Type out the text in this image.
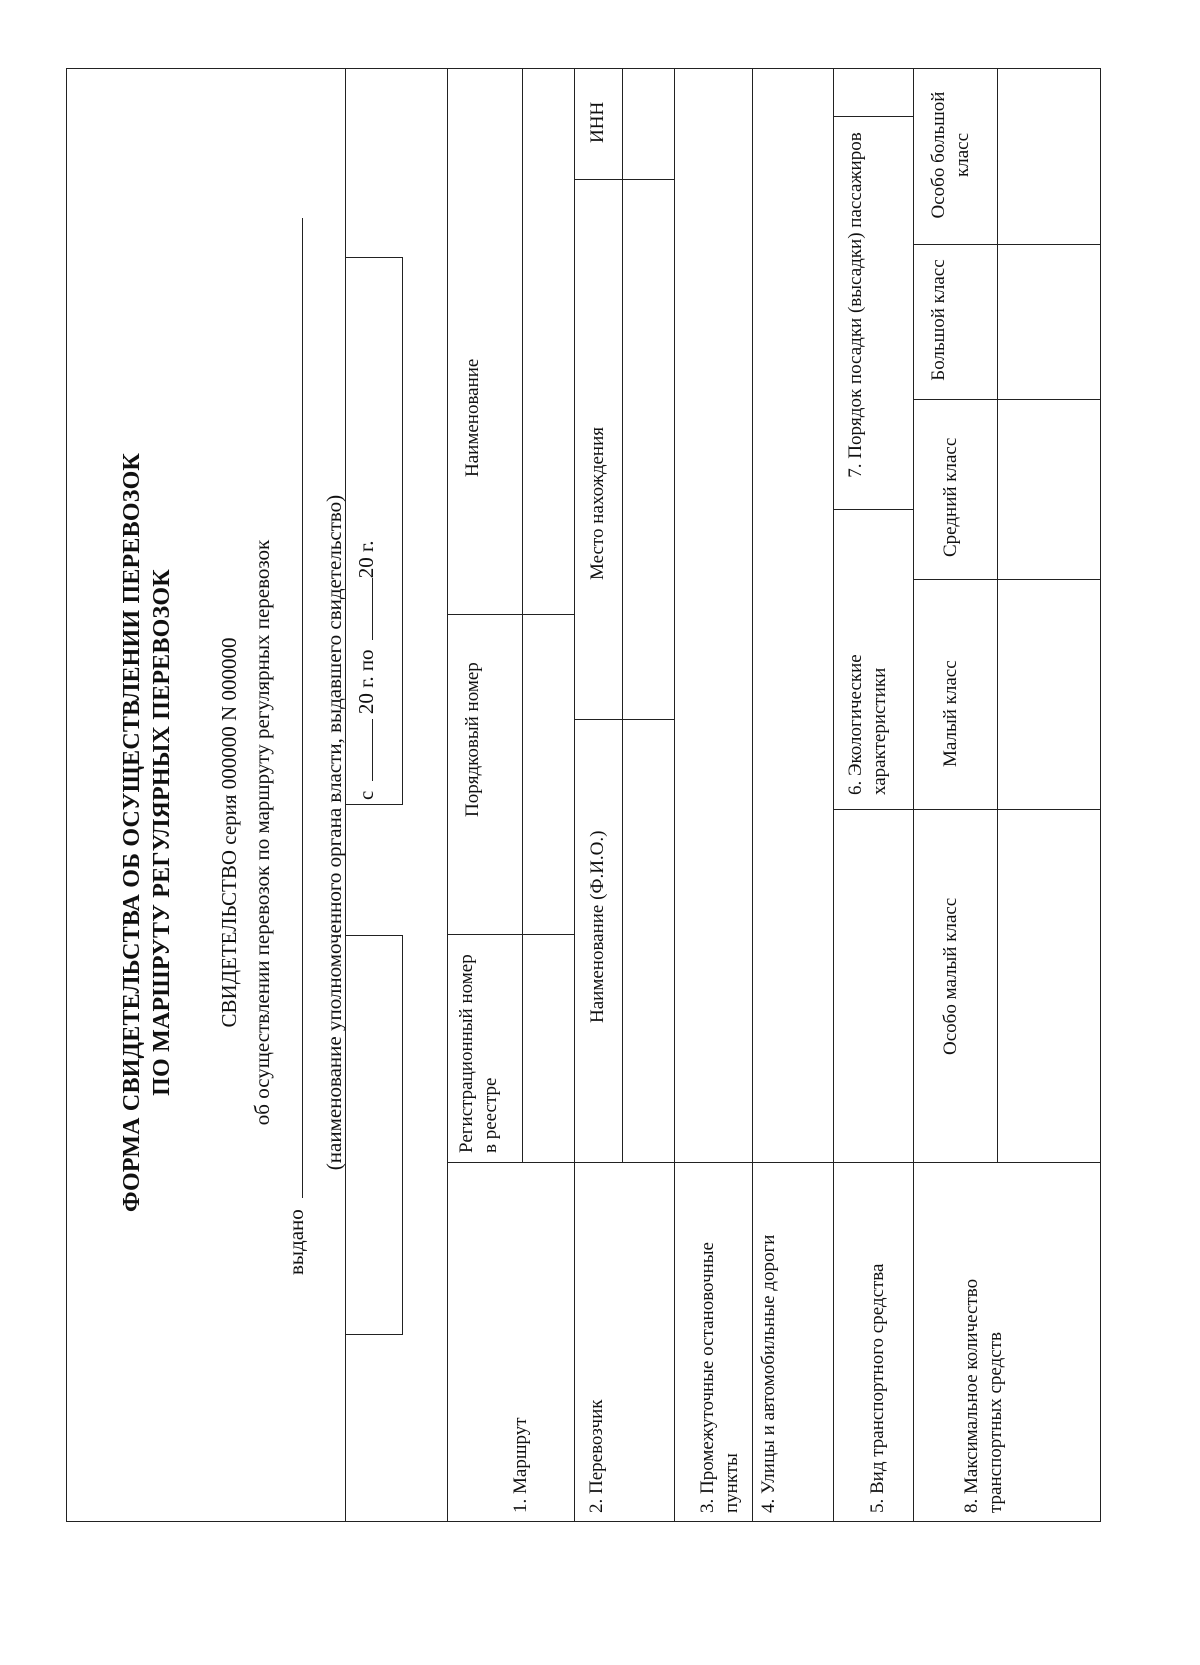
ФОРМА СВИДЕТЕЛЬСТВА ОБ ОСУЩЕСТВЛЕНИИ ПЕРЕВОЗОК ПО МАРШРУТУ РЕГУЛЯРНЫХ ПЕРЕВОЗОК СВИДЕТЕЛЬСТВО серия 000000 N 000000 об осуществлении перевозок по маршруту регулярных перевозок
выдано
(наименование уполномоченного органа власти, выдавшего свидетельство) с  20 г. по 20 г.
1. Маршрут
Регистрационный номер в реестре
Порядковый номер
Наименование
2. Перевозчик
Наименование (Ф.И.О.)
Место нахождения
ИНН
3. Промежуточные остановочные пункты 4. Улицы и автомобильные дороги	5. Вид транспортного средства
6. Экологические характеристики
7. Порядок посадки (высадки) пассажиров
8. Максимальное количество транспортных средств
Особо малый класс
Малый класс
Средний класс
Большой класс
Особо большой класс
